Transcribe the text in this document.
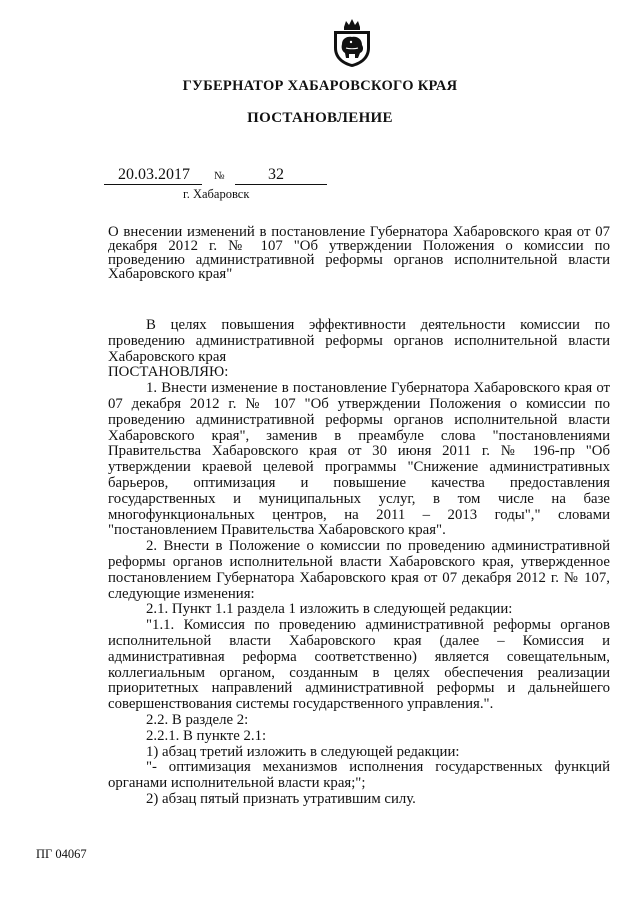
ГУБЕРНАТОР ХАБАРОВСКОГО КРАЯ
ПОСТАНОВЛЕНИЕ
20.03.2017 №	32
г. Хабаровск
О внесении изменений в постановление Губернатора Хабаровского края от 07 декабря 2012 г. № 107 "Об утверждении Положения о комиссии по проведению административной реформы органов исполнительной власти Хабаровского края"

В целях повышения эффективности деятельности комиссии по проведению административной реформы органов исполнительной власти Хабаровского края

ПОСТАНОВЛЯЮ:

1. Внести изменение в постановление Губернатора Хабаровского края от 07 декабря 2012 г. № 107 "Об утверждении Положения о комиссии по проведению административной реформы органов исполнительной власти Хабаровского края", заменив в преамбуле слова "постановлениями Правительства Хабаровского края от 30 июня 2011 г. № 196-пр "Об утверждении краевой целевой программы "Снижение административных барьеров, оптимизация и повышение качества предоставления государственных и муниципальных услуг, в том числе на базе многофункциональных центров, на 2011 – 2013 годы"," словами "постановлением Правительства Хабаровского края".

2. Внести в Положение о комиссии по проведению административной реформы органов исполнительной власти Хабаровского края, утвержденное постановлением Губернатора Хабаровского края от 07 декабря 2012 г. № 107, следующие изменения:

2.1. Пункт 1.1 раздела 1 изложить в следующей редакции:

"1.1. Комиссия по проведению административной реформы органов исполнительной власти Хабаровского края (далее – Комиссия и административная реформа соответственно) является совещательным, коллегиальным органом, созданным в целях обеспечения реализации приоритетных направлений административной реформы и дальнейшего совершенствования системы государственного управления.".

2.2. В разделе 2:

2.2.1. В пункте 2.1:

1) абзац третий изложить в следующей редакции:

"- оптимизация механизмов исполнения государственных функций органами исполнительной власти края;";

2) абзац пятый признать утратившим силу.

ПГ 04067
